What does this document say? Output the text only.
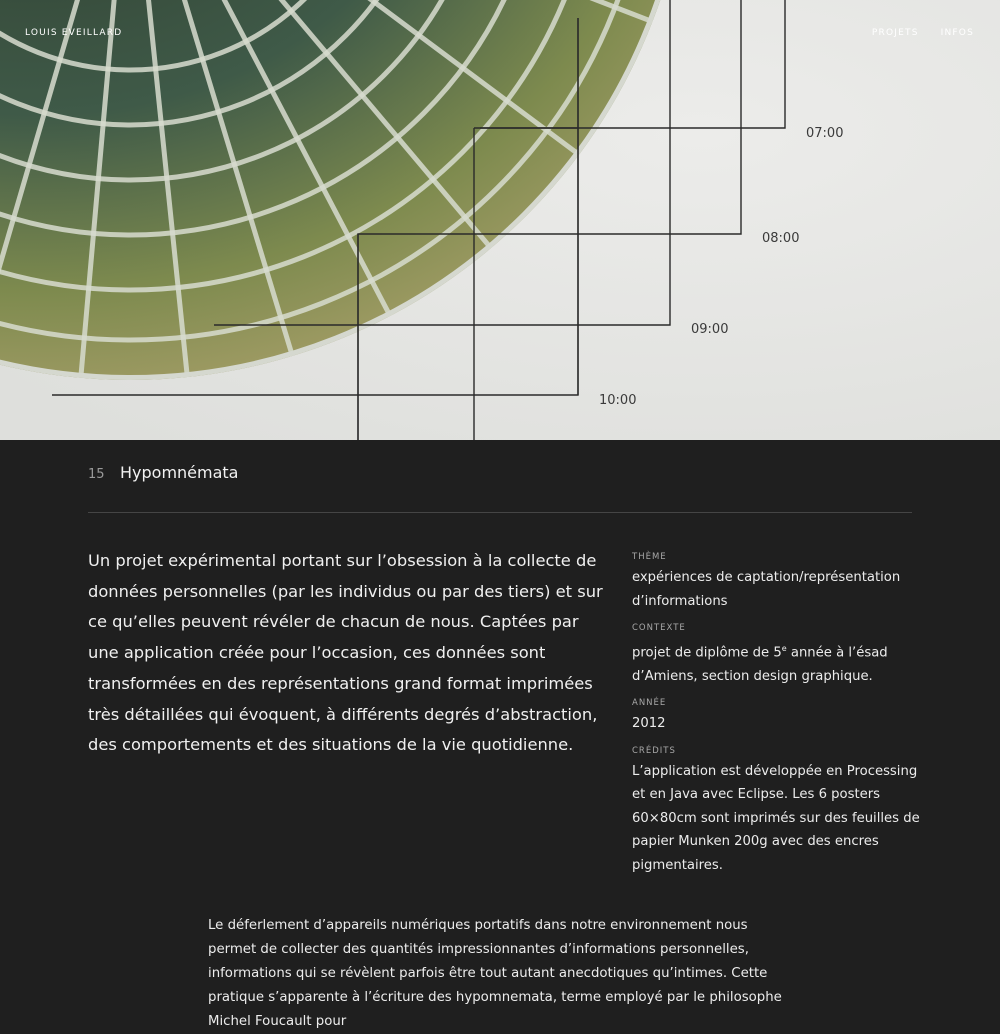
LOUIS EVEILLARD	PROJETS INFOS
07:00
08:00
09:00
10:00
15 Hypomnémata
Un projet expérimental portant sur l’obsession à la collecte de données personnelles (par les individus ou par des tiers) et sur ce qu’elles peuvent révéler de chacun de nous. Captées par une application créée pour l’occasion, ces données sont transformées en des représentations grand format imprimées très détaillées qui évoquent, à différents degrés d’abstraction, des comportements et des situations de la vie quotidienne.
THÈME
expériences de captation/représentation d’informations
CONTEXTE
projet de diplôme de 5e année à l’ésad d’Amiens, section design graphique.
ANNÉE
2012
CRÉDITS
L’application est développée en Processing et en Java avec Eclipse. Les 6 posters 60×80cm sont imprimés sur des feuilles de papier Munken 200g avec des encres pigmentaires.
Le déferlement d’appareils numériques portatifs dans notre environnement nous permet de collecter des quantités impressionnantes d’informations personnelles, informations qui se révèlent parfois être tout autant anecdotiques qu’intimes. Cette pratique s’apparente à l’écriture des hypomnemata, terme employé par le philosophe Michel Foucault pour
